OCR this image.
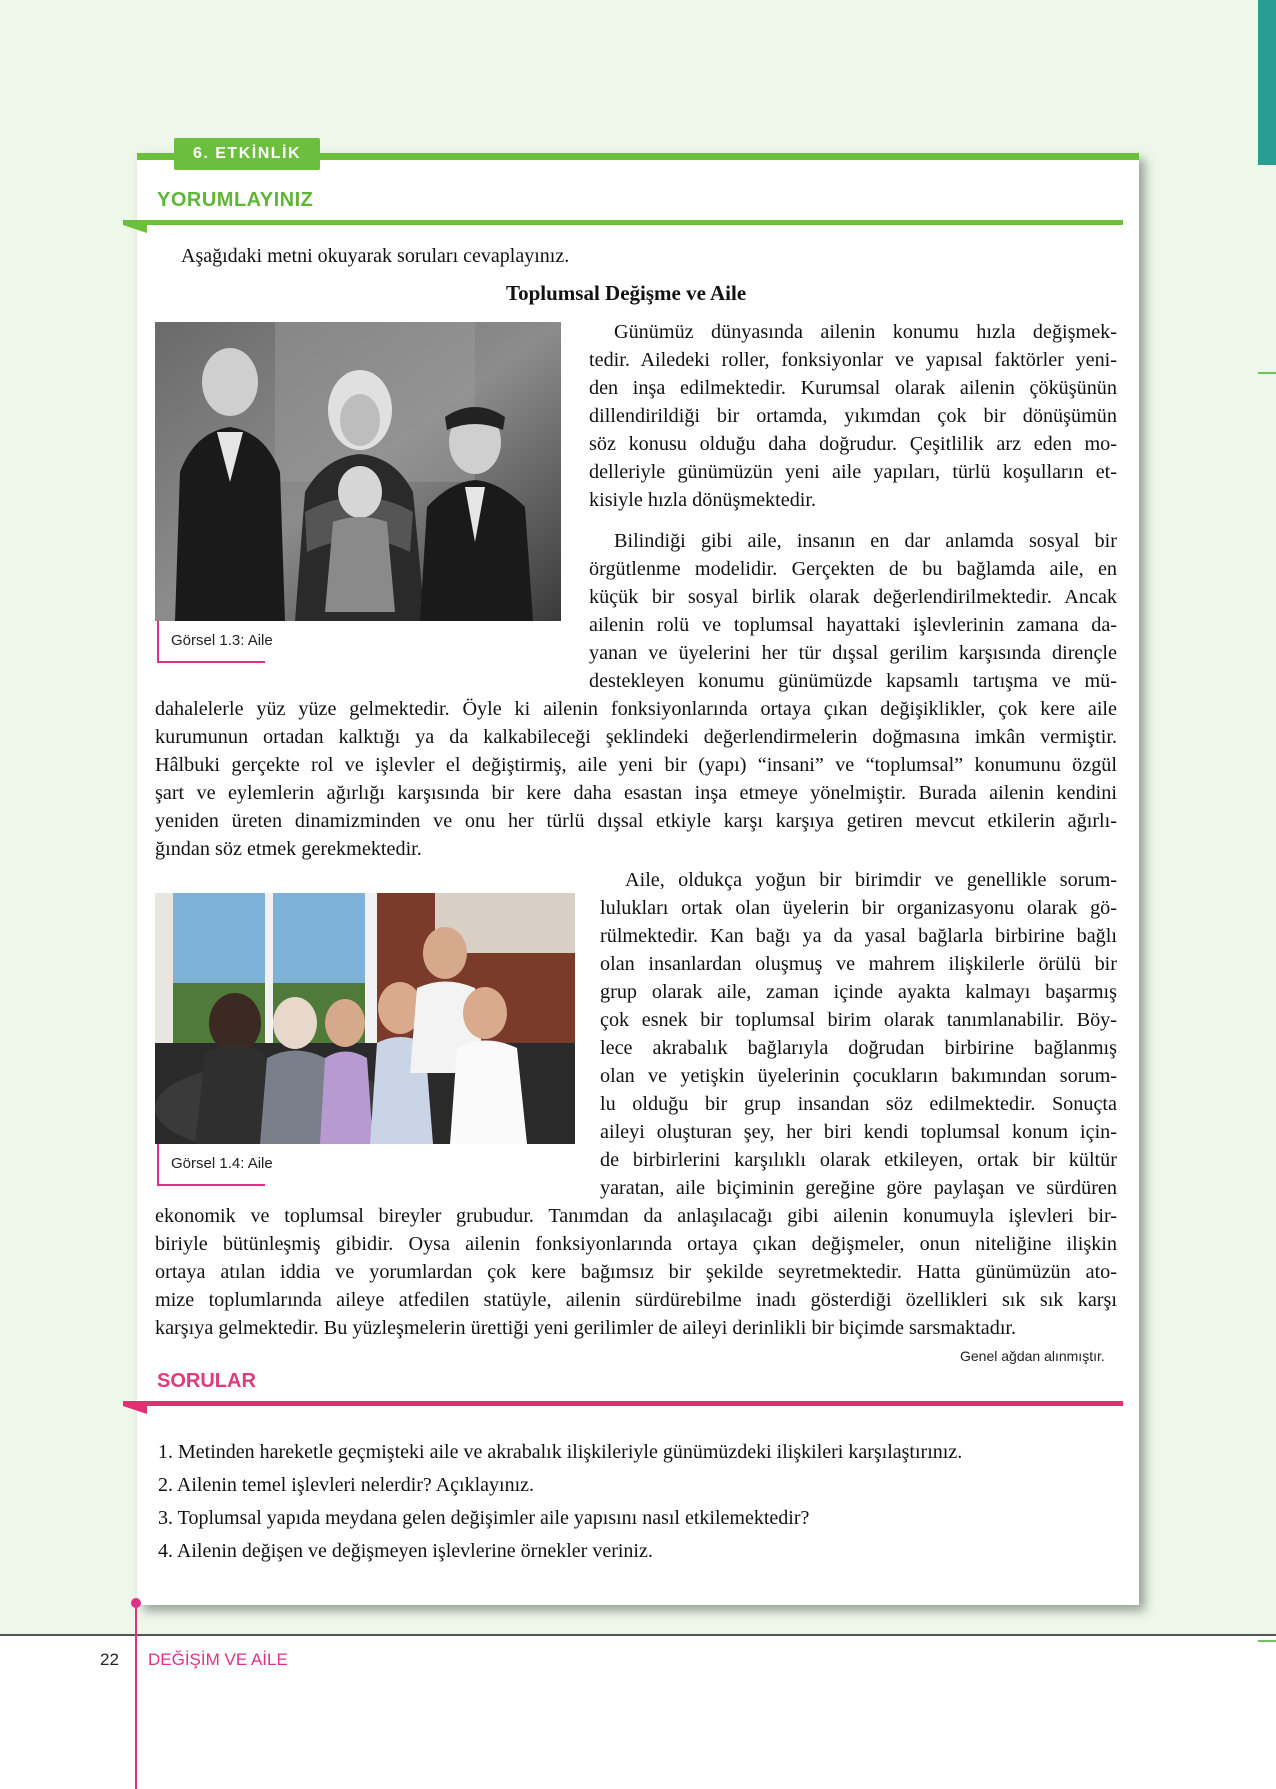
6. ETKİNLİK
YORUMLAYINIZ
Aşağıdaki metni okuyarak soruları cevaplayınız.
Toplumsal Değişme ve Aile
Görsel 1.3: Aile
Günümüz dünyasında ailenin konumu hızla değişmek-
tedir. Ailedeki roller, fonksiyonlar ve yapısal faktörler yeni-
den inşa edilmektedir. Kurumsal olarak ailenin çöküşünün
dillendirildiği bir ortamda, yıkımdan çok bir dönüşümün
söz konusu olduğu daha doğrudur. Çeşitlilik arz eden mo-
delleriyle günümüzün yeni aile yapıları, türlü koşulların et-
kisiyle hızla dönüşmektedir.
Bilindiği gibi aile, insanın en dar anlamda sosyal bir
örgütlenme modelidir. Gerçekten de bu bağlamda aile, en
küçük bir sosyal birlik olarak değerlendirilmektedir. Ancak
ailenin rolü ve toplumsal hayattaki işlevlerinin zamana da-
yanan ve üyelerini her tür dışsal gerilim karşısında dirençle
destekleyen konumu günümüzde kapsamlı tartışma ve mü-
dahalelerle yüz yüze gelmektedir. Öyle ki ailenin fonksiyonlarında ortaya çıkan değişiklikler, çok kere aile
kurumunun ortadan kalktığı ya da kalkabileceği şeklindeki değerlendirmelerin doğmasına imkân vermiştir.
Hâlbuki gerçekte rol ve işlevler el değiştirmiş, aile yeni bir (yapı) “insani” ve “toplumsal” konumunu özgül
şart ve eylemlerin ağırlığı karşısında bir kere daha esastan inşa etmeye yönelmiştir. Burada ailenin kendini
yeniden üreten dinamizminden ve onu her türlü dışsal etkiyle karşı karşıya getiren mevcut etkilerin ağırlı-
ğından söz etmek gerekmektedir.
Görsel 1.4: Aile
Aile, oldukça yoğun bir birimdir ve genellikle sorum-
lulukları ortak olan üyelerin bir organizasyonu olarak gö-
rülmektedir. Kan bağı ya da yasal bağlarla birbirine bağlı
olan insanlardan oluşmuş ve mahrem ilişkilerle örülü bir
grup olarak aile, zaman içinde ayakta kalmayı başarmış
çok esnek bir toplumsal birim olarak tanımlanabilir. Böy-
lece akrabalık bağlarıyla doğrudan birbirine bağlanmış
olan ve yetişkin üyelerinin çocukların bakımından sorum-
lu olduğu bir grup insandan söz edilmektedir. Sonuçta
aileyi oluşturan şey, her biri kendi toplumsal konum için-
de birbirlerini karşılıklı olarak etkileyen, ortak bir kültür
yaratan, aile biçiminin gereğine göre paylaşan ve sürdüren
ekonomik ve toplumsal bireyler grubudur. Tanımdan da anlaşılacağı gibi ailenin konumuyla işlevleri bir-
biriyle bütünleşmiş gibidir. Oysa ailenin fonksiyonlarında ortaya çıkan değişmeler, onun niteliğine ilişkin
ortaya atılan iddia ve yorumlardan çok kere bağımsız bir şekilde seyretmektedir. Hatta günümüzün ato-
mize toplumlarında aileye atfedilen statüyle, ailenin sürdürebilme inadı gösterdiği özellikleri sık sık karşı
karşıya gelmektedir. Bu yüzleşmelerin ürettiği yeni gerilimler de aileyi derinlikli bir biçimde sarsmaktadır.
Genel ağdan alınmıştır.
SORULAR
1. Metinden hareketle geçmişteki aile ve akrabalık ilişkileriyle günümüzdeki ilişkileri karşılaştırınız.
2. Ailenin temel işlevleri nelerdir? Açıklayınız.
3. Toplumsal yapıda meydana gelen değişimler aile yapısını nasıl etkilemektedir?
4. Ailenin değişen ve değişmeyen işlevlerine örnekler veriniz.
22 DEĞİŞİM VE AİLE
